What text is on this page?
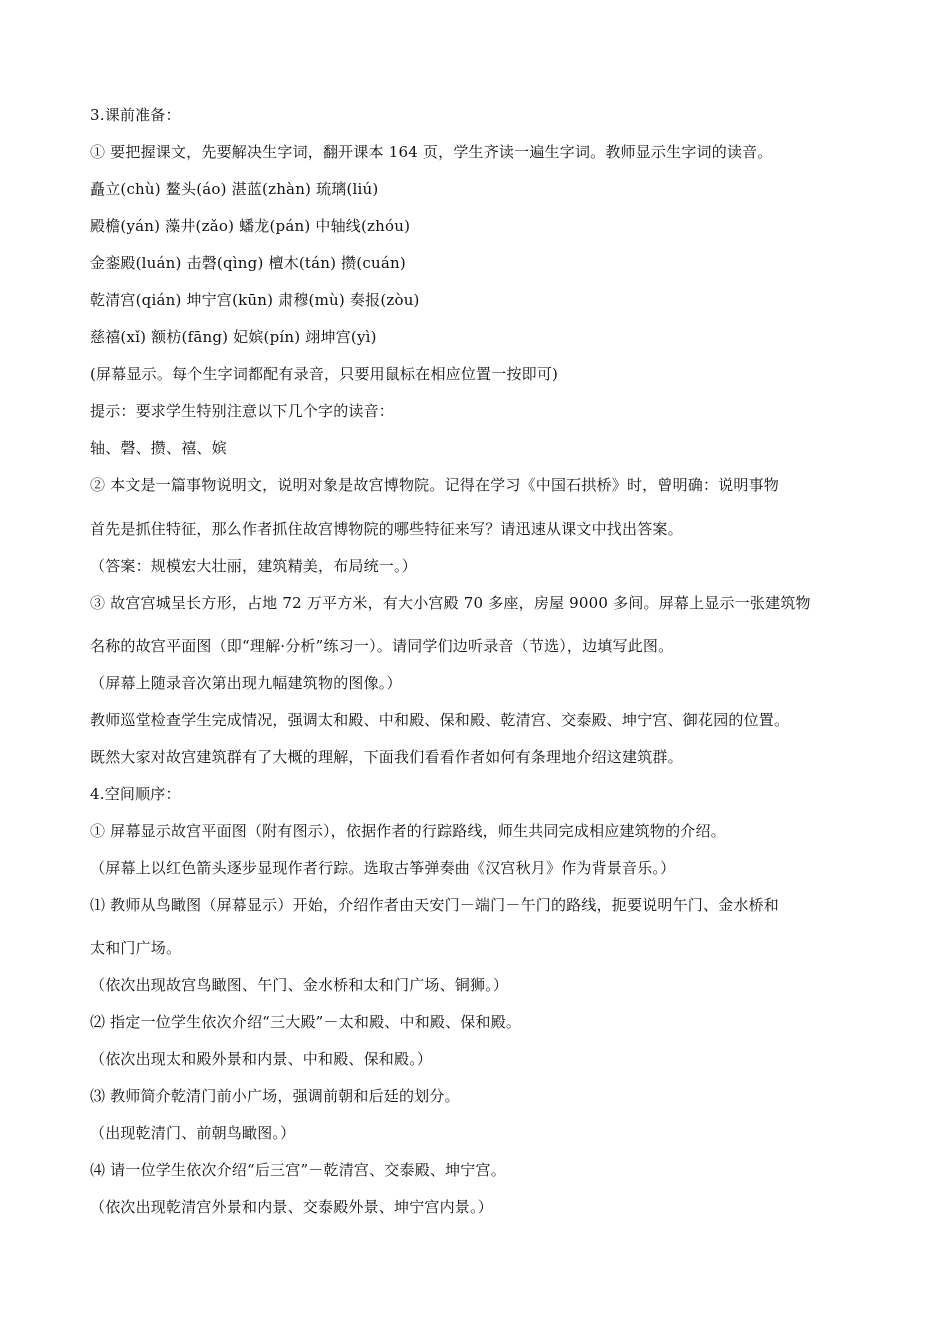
3.课前准备：
① 要把握课文，先要解决生字词，翻开课本 164 页，学生齐读一遍生字词。教师显示生字词的读音。
矗立(chù) 鳌头(áo) 湛蓝(zhàn) 琉璃(liú)
殿檐(yán) 藻井(zǎo) 蟠龙(pán) 中轴线(zhóu)
金銮殿(luán) 击磬(qìng) 檀木(tán) 攒(cuán)
乾清宫(qián) 坤宁宫(kūn) 肃穆(mù) 奏报(zòu)
慈禧(xǐ) 额枋(fāng) 妃嫔(pín) 翊坤宫(yì)
(屏幕显示。每个生字词都配有录音，只要用鼠标在相应位置一按即可)
提示：要求学生特别注意以下几个字的读音：
轴、磬、攒、禧、嫔
② 本文是一篇事物说明文，说明对象是故宫博物院。记得在学习《中国石拱桥》时，曾明确：说明事物
首先是抓住特征，那么作者抓住故宫博物院的哪些特征来写？请迅速从课文中找出答案。
（答案：规模宏大壮丽，建筑精美，布局统一。）
③ 故宫宫城呈长方形，占地 72 万平方米，有大小宫殿 70 多座，房屋 9000 多间。屏幕上显示一张建筑物
名称的故宫平面图（即“理解·分析”练习一）。请同学们边听录音（节选），边填写此图。
（屏幕上随录音次第出现九幅建筑物的图像。）
教师巡堂检查学生完成情况，强调太和殿、中和殿、保和殿、乾清宫、交泰殿、坤宁宫、御花园的位置。
既然大家对故宫建筑群有了大概的理解，下面我们看看作者如何有条理地介绍这建筑群。
4.空间顺序：
① 屏幕显示故宫平面图（附有图示），依据作者的行踪路线，师生共同完成相应建筑物的介绍。
（屏幕上以红色箭头逐步显现作者行踪。选取古筝弹奏曲《汉宫秋月》作为背景音乐。）
⑴ 教师从鸟瞰图（屏幕显示）开始，介绍作者由天安门－端门－午门的路线，扼要说明午门、金水桥和
太和门广场。
（依次出现故宫鸟瞰图、午门、金水桥和太和门广场、铜狮。）
⑵ 指定一位学生依次介绍“三大殿”－太和殿、中和殿、保和殿。
（依次出现太和殿外景和内景、中和殿、保和殿。）
⑶ 教师简介乾清门前小广场，强调前朝和后廷的划分。
（出现乾清门、前朝鸟瞰图。）
⑷ 请一位学生依次介绍“后三宫”－乾清宫、交泰殿、坤宁宫。
（依次出现乾清宫外景和内景、交泰殿外景、坤宁宫内景。）
